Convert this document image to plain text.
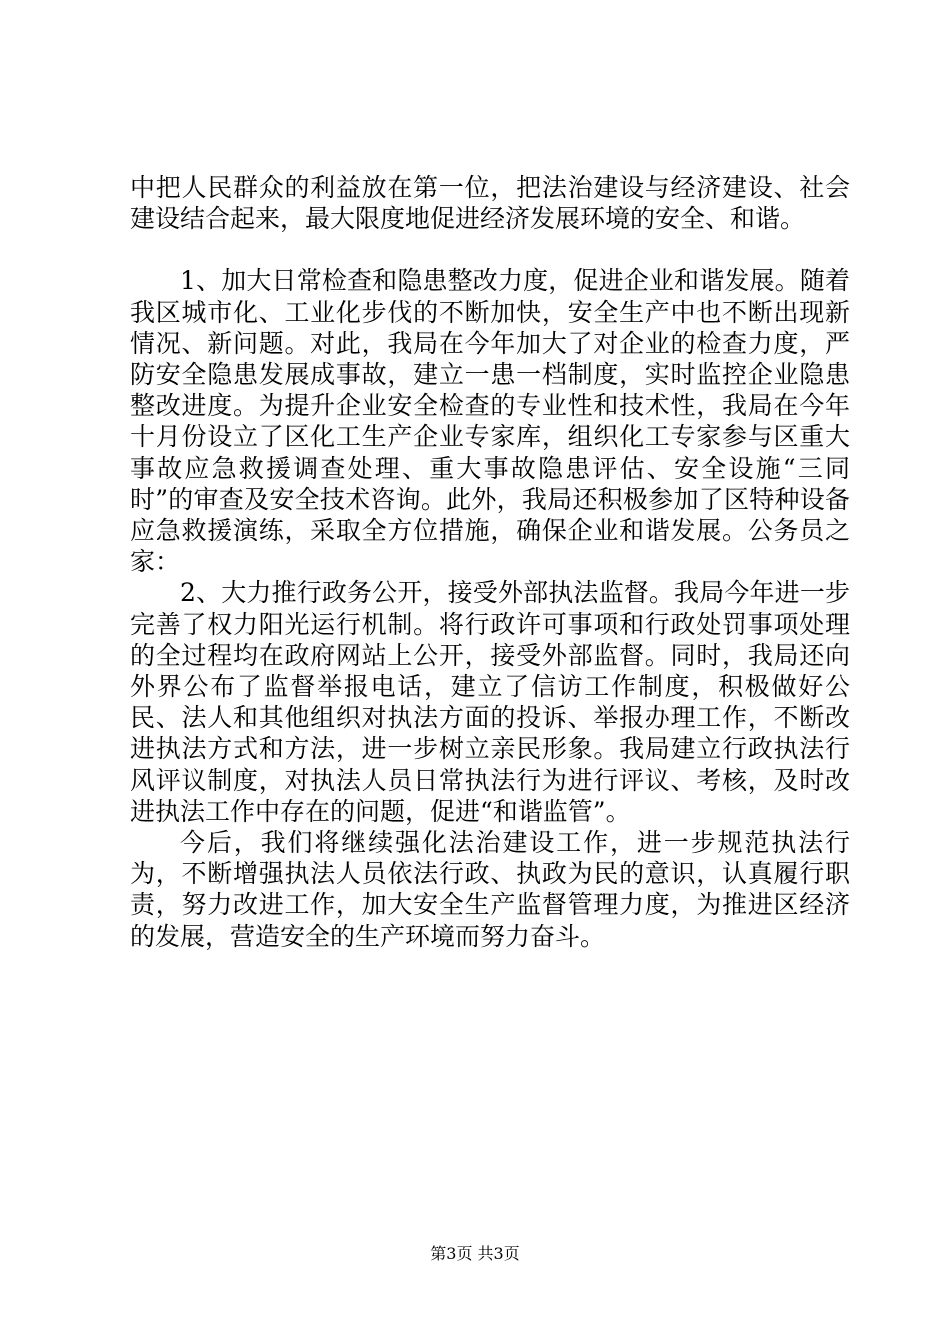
中把人民群众的利益放在第一位，把法治建设与经济建设、社会建设结合起来，最大限度地促进经济发展环境的安全、和谐。

1、加大日常检查和隐患整改力度，促进企业和谐发展。随着我区城市化、工业化步伐的不断加快，安全生产中也不断出现新情况、新问题。对此，我局在今年加大了对企业的检查力度，严防安全隐患发展成事故，建立一患一档制度，实时监控企业隐患整改进度。为提升企业安全检查的专业性和技术性，我局在今年十月份设立了区化工生产企业专家库，组织化工专家参与区重大事故应急救援调查处理、重大事故隐患评估、安全设施“三同时”的审查及安全技术咨询。此外，我局还积极参加了区特种设备应急救援演练，采取全方位措施，确保企业和谐发展。公务员之家：

2、大力推行政务公开，接受外部执法监督。我局今年进一步完善了权力阳光运行机制。将行政许可事项和行政处罚事项处理的全过程均在政府网站上公开，接受外部监督。同时，我局还向外界公布了监督举报电话，建立了信访工作制度，积极做好公民、法人和其他组织对执法方面的投诉、举报办理工作，不断改进执法方式和方法，进一步树立亲民形象。我局建立行政执法行风评议制度，对执法人员日常执法行为进行评议、考核，及时改进执法工作中存在的问题，促进“和谐监管”。

今后，我们将继续强化法治建设工作，进一步规范执法行为，不断增强执法人员依法行政、执政为民的意识，认真履行职责，努力改进工作，加大安全生产监督管理力度，为推进区经济的发展，营造安全的生产环境而努力奋斗。

第3页 共3页
